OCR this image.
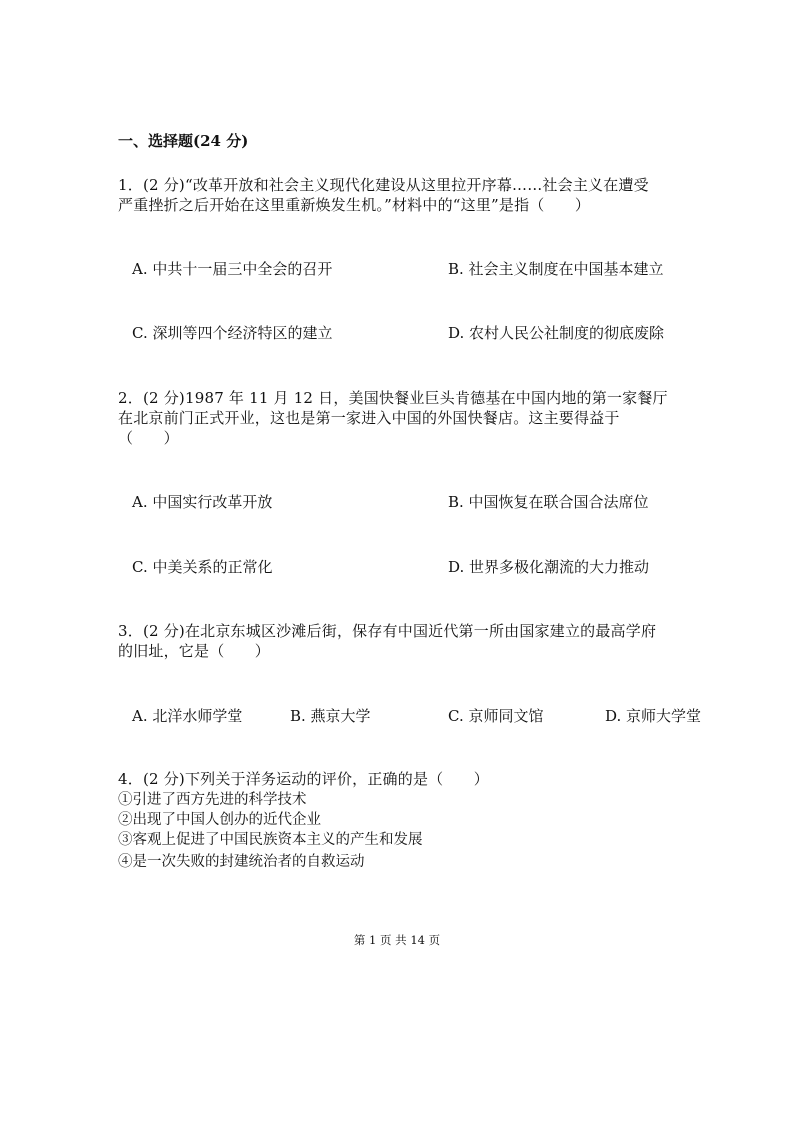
一、选择题(24 分)
1．(2 分)“改革开放和社会主义现代化建设从这里拉开序幕……社会主义在遭受
严重挫折之后开始在这里重新焕发生机。”材料中的“这里”是指（　　）
A. 中共十一届三中全会的召开	B. 社会主义制度在中国基本建立
C. 深圳等四个经济特区的建立	D. 农村人民公社制度的彻底废除
2．(2 分)1987 年 11 月 12 日，美国快餐业巨头肯德基在中国内地的第一家餐厅
在北京前门正式开业，这也是第一家进入中国的外国快餐店。这主要得益于
（　　）
A. 中国实行改革开放	B. 中国恢复在联合国合法席位
C. 中美关系的正常化	D. 世界多极化潮流的大力推动
3．(2 分)在北京东城区沙滩后街，保存有中国近代第一所由国家建立的最高学府
的旧址，它是（　　）
A. 北洋水师学堂	B. 燕京大学	C. 京师同文馆	D. 京师大学堂
4．(2 分)下列关于洋务运动的评价，正确的是（　　）
①引进了西方先进的科学技术
②出现了中国人创办的近代企业
③客观上促进了中国民族资本主义的产生和发展
④是一次失败的封建统治者的自救运动
第 1 页 共 14 页
